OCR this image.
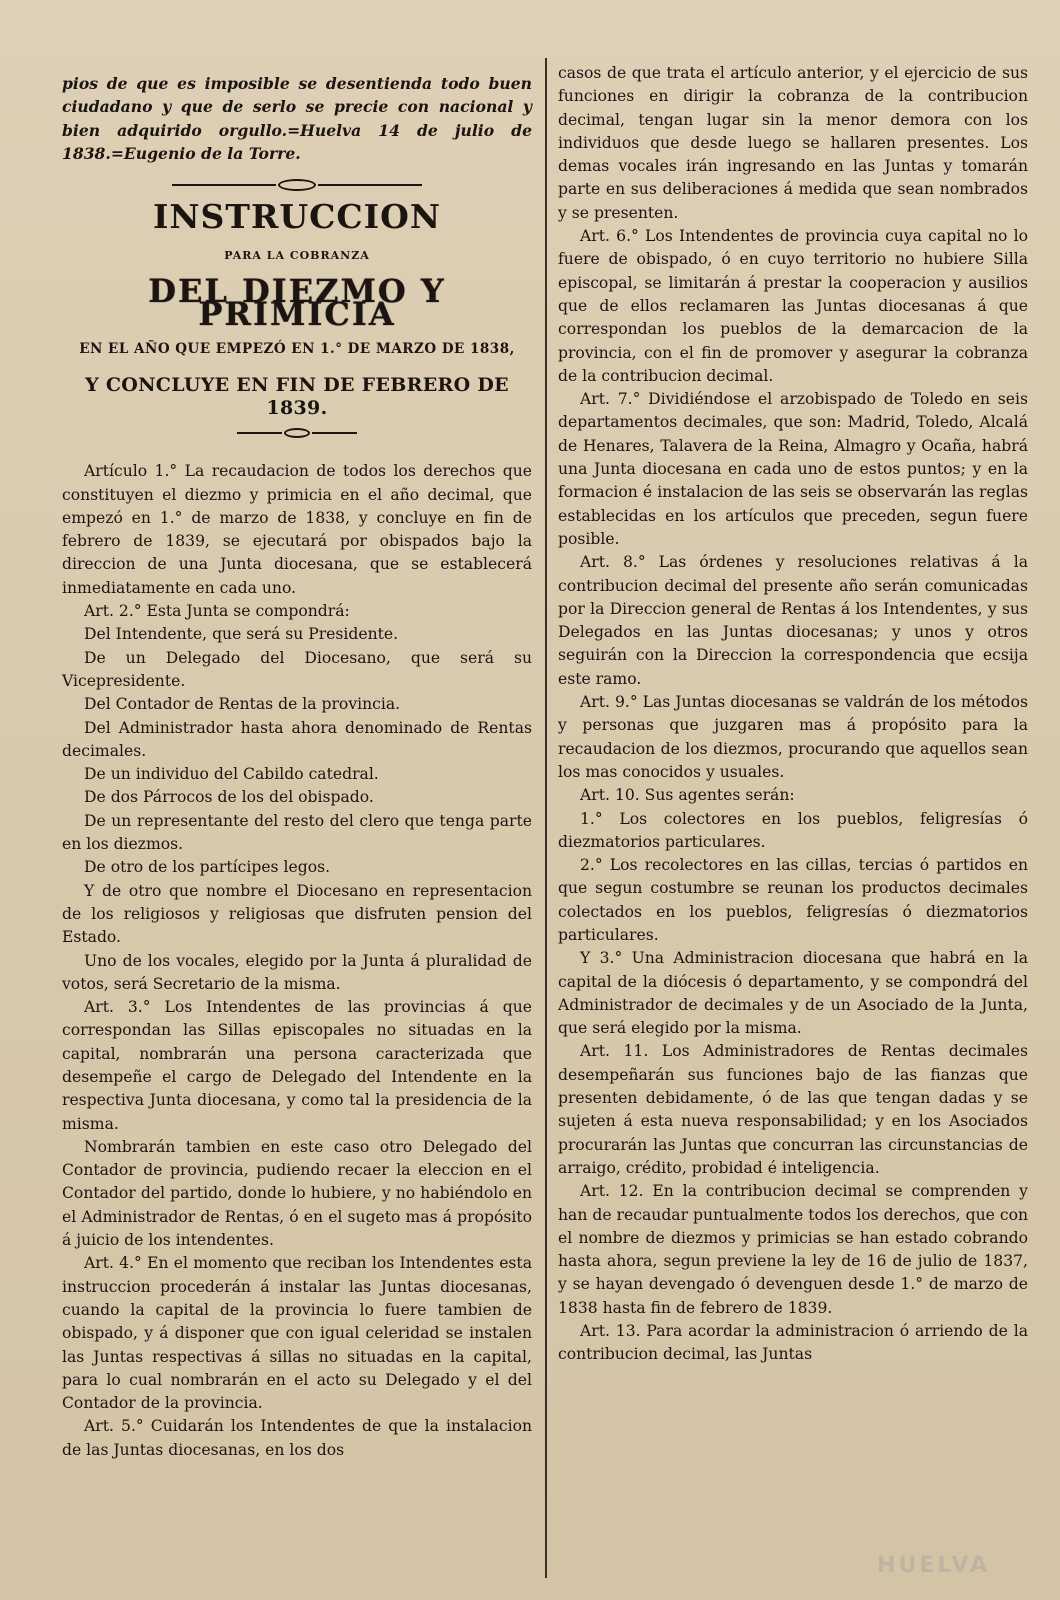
pios de que es imposible se desentienda todo buen ciudadano y que de serlo se precie con nacional y bien adquirido orgullo.=Huelva 14 de julio de 1838.=Eugenio de la Torre.

INSTRUCCION
PARA LA COBRANZA
DEL DIEZMO Y PRIMICIA
EN EL AÑO QUE EMPEZÓ EN 1.° DE MARZO DE 1838,
Y CONCLUYE EN FIN DE FEBRERO DE 1839.

Artículo 1.° La recaudacion de todos los derechos que constituyen el diezmo y primicia en el año decimal, que empezó en 1.° de marzo de 1838, y concluye en fin de febrero de 1839, se ejecutará por obispados bajo la direccion de una Junta diocesana, que se establecerá inmediatamente en cada uno.

Art. 2.° Esta Junta se compondrá:

Del Intendente, que será su Presidente.

De un Delegado del Diocesano, que será su Vicepresidente.

Del Contador de Rentas de la provincia.

Del Administrador hasta ahora denominado de Rentas decimales.

De un individuo del Cabildo catedral.

De dos Párrocos de los del obispado.

De un representante del resto del clero que tenga parte en los diezmos.

De otro de los partícipes legos.

Y de otro que nombre el Diocesano en representacion de los religiosos y religiosas que disfruten pension del Estado.

Uno de los vocales, elegido por la Junta á pluralidad de votos, será Secretario de la misma.

Art. 3.° Los Intendentes de las provincias á que correspondan las Sillas episcopales no situadas en la capital, nombrarán una persona caracterizada que desempeñe el cargo de Delegado del Intendente en la respectiva Junta diocesana, y como tal la presidencia de la misma.

Nombrarán tambien en este caso otro Delegado del Contador de provincia, pudiendo recaer la eleccion en el Contador del partido, donde lo hubiere, y no habiéndolo en el Administrador de Rentas, ó en el sugeto mas á propósito á juicio de los intendentes.

Art. 4.° En el momento que reciban los Intendentes esta instruccion procederán á instalar las Juntas diocesanas, cuando la capital de la provincia lo fuere tambien de obispado, y á disponer que con igual celeridad se instalen las Juntas respectivas á sillas no situadas en la capital, para lo cual nombrarán en el acto su Delegado y el del Contador de la provincia.

Art. 5.° Cuidarán los Intendentes de que la instalacion de las Juntas diocesanas, en los dos

casos de que trata el artículo anterior, y el ejercicio de sus funciones en dirigir la cobranza de la contribucion decimal, tengan lugar sin la menor demora con los individuos que desde luego se hallaren presentes. Los demas vocales irán ingresando en las Juntas y tomarán parte en sus deliberaciones á medida que sean nombrados y se presenten.

Art. 6.° Los Intendentes de provincia cuya capital no lo fuere de obispado, ó en cuyo territorio no hubiere Silla episcopal, se limitarán á prestar la cooperacion y ausilios que de ellos reclamaren las Juntas diocesanas á que correspondan los pueblos de la demarcacion de la provincia, con el fin de promover y asegurar la cobranza de la contribucion decimal.

Art. 7.° Dividiéndose el arzobispado de Toledo en seis departamentos decimales, que son: Madrid, Toledo, Alcalá de Henares, Talavera de la Reina, Almagro y Ocaña, habrá una Junta diocesana en cada uno de estos puntos; y en la formacion é instalacion de las seis se observarán las reglas establecidas en los artículos que preceden, segun fuere posible.

Art. 8.° Las órdenes y resoluciones relativas á la contribucion decimal del presente año serán comunicadas por la Direccion general de Rentas á los Intendentes, y sus Delegados en las Juntas diocesanas; y unos y otros seguirán con la Direccion la correspondencia que ecsija este ramo.

Art. 9.° Las Juntas diocesanas se valdrán de los métodos y personas que juzgaren mas á propósito para la recaudacion de los diezmos, procurando que aquellos sean los mas conocidos y usuales.

Art. 10. Sus agentes serán:

1.° Los colectores en los pueblos, feligresías ó diezmatorios particulares.

2.° Los recolectores en las cillas, tercias ó partidos en que segun costumbre se reunan los productos decimales colectados en los pueblos, feligresías ó diezmatorios particulares.

Y 3.° Una Administracion diocesana que habrá en la capital de la diócesis ó departamento, y se compondrá del Administrador de decimales y de un Asociado de la Junta, que será elegido por la misma.

Art. 11. Los Administradores de Rentas decimales desempeñarán sus funciones bajo de las fianzas que presenten debidamente, ó de las que tengan dadas y se sujeten á esta nueva responsabilidad; y en los Asociados procurarán las Juntas que concurran las circunstancias de arraigo, crédito, probidad é inteligencia.

Art. 12. En la contribucion decimal se comprenden y han de recaudar puntualmente todos los derechos, que con el nombre de diezmos y primicias se han estado cobrando hasta ahora, segun previene la ley de 16 de julio de 1837, y se hayan devengado ó devenguen desde 1.° de marzo de 1838 hasta fin de febrero de 1839.

Art. 13. Para acordar la administracion ó arriendo de la contribucion decimal, las Juntas

HUELVA
